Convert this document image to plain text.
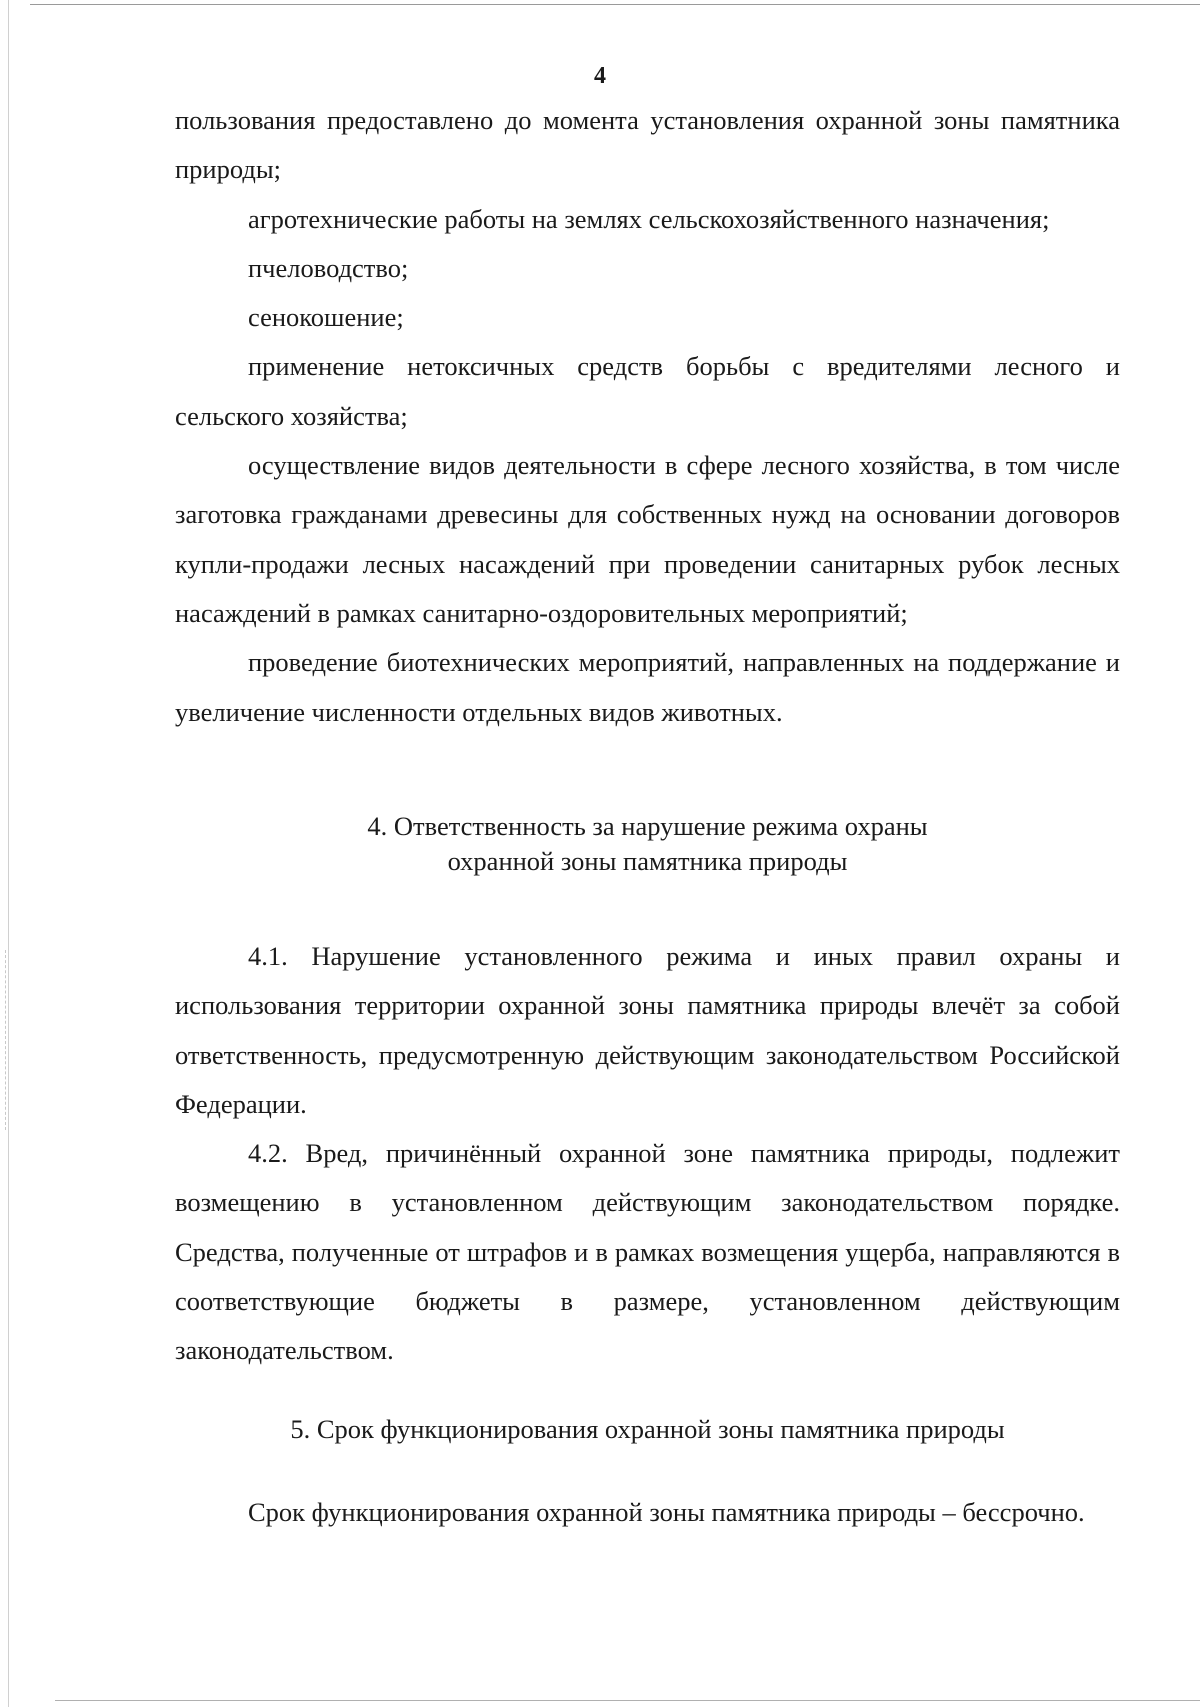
4

пользования предоставлено до момента установления охранной зоны памятника природы;

агротехнические работы на землях сельскохозяйственного назначения;

пчеловодство;

сенокошение;

применение нетоксичных средств борьбы с вредителями лесного и сельского хозяйства;

осуществление видов деятельности в сфере лесного хозяйства, в том числе заготовка гражданами древесины для собственных нужд на основании договоров купли-продажи лесных насаждений при проведении санитарных рубок лесных насаждений в рамках санитарно-оздоровительных мероприятий;

проведение биотехнических мероприятий, направленных на поддержание и увеличение численности отдельных видов животных.

4. Ответственность за нарушение режима охраны
охранной зоны памятника природы

4.1. Нарушение установленного режима и иных правил охраны и использования территории охранной зоны памятника природы влечёт за собой ответственность, предусмотренную действующим законодательством Российской Федерации.

4.2. Вред, причинённый охранной зоне памятника природы, подлежит возмещению в установленном действующим законодательством порядке. Средства, полученные от штрафов и в рамках возмещения ущерба, направляются в соответствующие бюджеты в размере, установленном действующим законодательством.

5. Срок функционирования охранной зоны памятника природы

Срок функционирования охранной зоны памятника природы – бессрочно.
